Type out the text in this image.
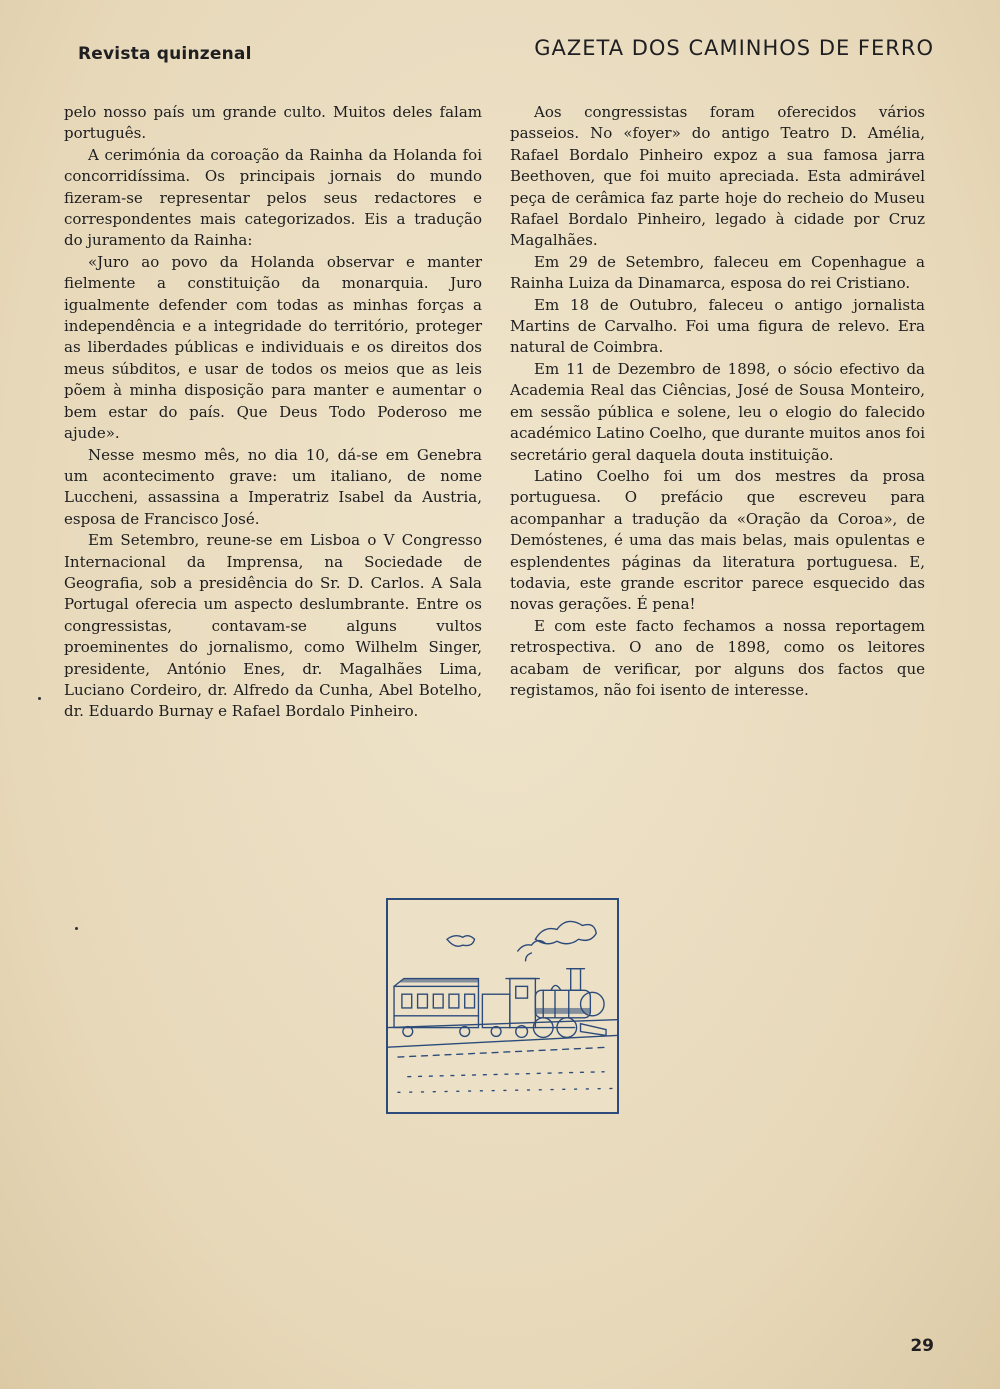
Revista quinzenal	GAZETA DOS CAMINHOS DE FERRO

pelo nosso país um grande culto. Muitos deles falam português.

A cerimónia da coroação da Rainha da Holanda foi concorridíssima. Os principais jornais do mundo fizeram-se representar pelos seus redactores e correspondentes mais categorizados. Eis a tradução do juramento da Rainha:

«Juro ao povo da Holanda observar e manter fielmente a constituição da monarquia. Juro igualmente defender com todas as minhas forças a independência e a integridade do território, proteger as liberdades públicas e individuais e os direitos dos meus súbditos, e usar de todos os meios que as leis põem à minha disposição para manter e aumentar o bem estar do país. Que Deus Todo Poderoso me ajude».

Nesse mesmo mês, no dia 10, dá-se em Genebra um acontecimento grave: um italiano, de nome Luccheni, assassina a Imperatriz Isabel da Austria, esposa de Francisco José.

Em Setembro, reune-se em Lisboa o V Congresso Internacional da Imprensa, na Sociedade de Geografia, sob a presidência do Sr. D. Carlos. A Sala Portugal oferecia um aspecto deslumbrante. Entre os congressistas, contavam-se alguns vultos proeminentes do jornalismo, como Wilhelm Singer, presidente, António Enes, dr. Magalhães Lima, Luciano Cordeiro, dr. Alfredo da Cunha, Abel Botelho, dr. Eduardo Burnay e Rafael Bordalo Pinheiro.

Aos congressistas foram oferecidos vários passeios. No «foyer» do antigo Teatro D. Amélia, Rafael Bordalo Pinheiro expoz a sua famosa jarra Beethoven, que foi muito apreciada. Esta admirável peça de cerâmica faz parte hoje do recheio do Museu Rafael Bordalo Pinheiro, legado à cidade por Cruz Magalhães.

Em 29 de Setembro, faleceu em Copenhague a Rainha Luiza da Dinamarca, esposa do rei Cristiano.

Em 18 de Outubro, faleceu o antigo jornalista Martins de Carvalho. Foi uma figura de relevo. Era natural de Coimbra.

Em 11 de Dezembro de 1898, o sócio efectivo da Academia Real das Ciências, José de Sousa Monteiro, em sessão pública e solene, leu o elogio do falecido académico Latino Coelho, que durante muitos anos foi secretário geral daquela douta instituição.

Latino Coelho foi um dos mestres da prosa portuguesa. O prefácio que escreveu para acompanhar a tradução da «Oração da Coroa», de Demóstenes, é uma das mais belas, mais opulentas e esplendentes páginas da literatura portuguesa. E, todavia, este grande escritor parece esquecido das novas gerações. É pena!

E com este facto fechamos a nossa reportagem retrospectiva. O ano de 1898, como os leitores acabam de verificar, por alguns dos factos que registamos, não foi isento de interesse.

29
